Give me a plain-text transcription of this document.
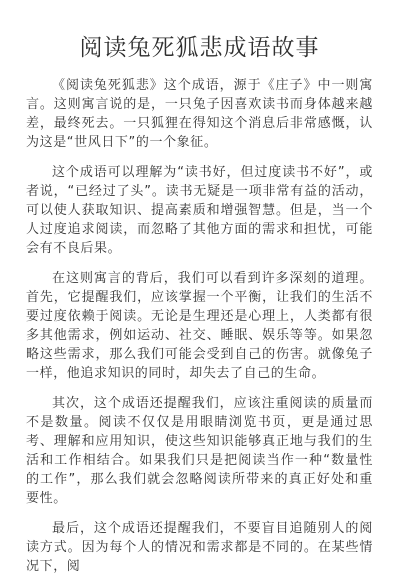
阅读兔死狐悲成语故事

《阅读兔死狐悲》这个成语，源于《庄子》中一则寓言。这则寓言说的是，一只兔子因喜欢读书而身体越来越差，最终死去。一只狐狸在得知这个消息后非常感慨，认为这是“世风日下”的一个象征。

这个成语可以理解为“读书好，但过度读书不好”，或者说，“已经过了头”。读书无疑是一项非常有益的活动，可以使人获取知识、提高素质和增强智慧。但是，当一个人过度追求阅读，而忽略了其他方面的需求和担忧，可能会有不良后果。

在这则寓言的背后，我们可以看到许多深刻的道理。首先，它提醒我们，应该掌握一个平衡，让我们的生活不要过度依赖于阅读。无论是生理还是心理上，人类都有很多其他需求，例如运动、社交、睡眠、娱乐等等。如果忽略这些需求，那么我们可能会受到自己的伤害。就像兔子一样，他追求知识的同时，却失去了自己的生命。

其次，这个成语还提醒我们，应该注重阅读的质量而不是数量。阅读不仅仅是用眼睛浏览书页，更是通过思考、理解和应用知识，使这些知识能够真正地与我们的生活和工作相结合。如果我们只是把阅读当作一种“数量性的工作”，那么我们就会忽略阅读所带来的真正好处和重要性。

最后，这个成语还提醒我们，不要盲目追随别人的阅读方式。因为每个人的情况和需求都是不同的。在某些情况下，阅
